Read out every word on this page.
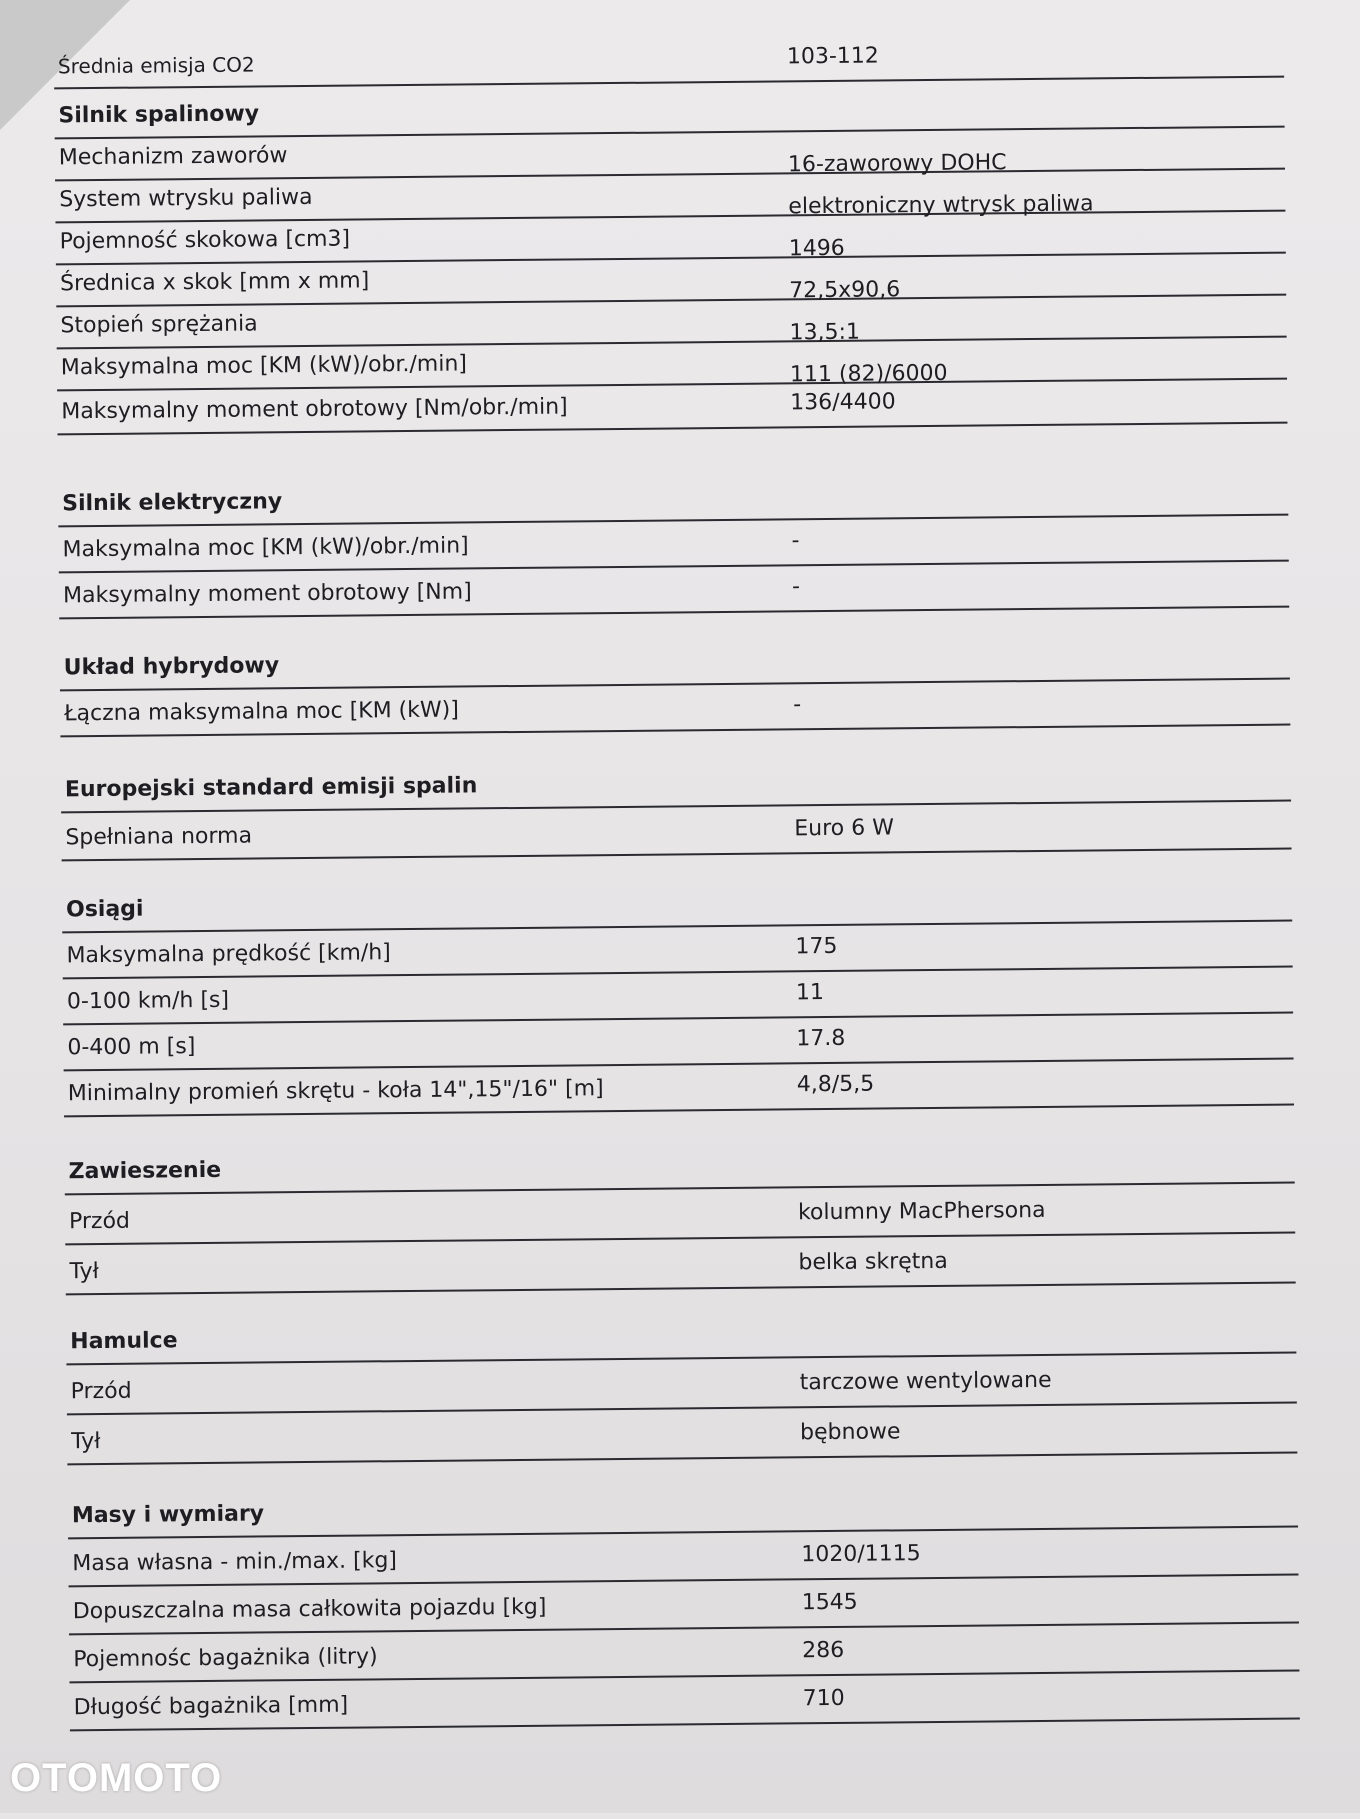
Średnia emisja CO2	103-112
Silnik spalinowy
Mechanizm zaworów	16-zaworowy DOHC
System wtrysku paliwa	elektroniczny wtrysk paliwa
Pojemność skokowa [cm3]	1496
Średnica x skok [mm x mm]	72,5x90,6
Stopień sprężania	13,5:1
Maksymalna moc [KM (kW)/obr./min]	111 (82)/6000
Maksymalny moment obrotowy [Nm/obr./min]	136/4400
Silnik elektryczny
Maksymalna moc [KM (kW)/obr./min]	-
Maksymalny moment obrotowy [Nm]	-
Układ hybrydowy
Łączna maksymalna moc [KM (kW)]	-
Europejski standard emisji spalin
Spełniana norma	Euro 6 W
Osiągi
Maksymalna prędkość [km/h]	175
0-100 km/h [s]	11
0-400 m [s]	17.8
Minimalny promień skrętu - koła 14",15"/16" [m]	4,8/5,5
Zawieszenie
Przód	kolumny MacPhersona
Tył	belka skrętna
Hamulce
Przód	tarczowe wentylowane
Tył	bębnowe
Masy i wymiary
Masa własna - min./max. [kg]	1020/1115
Dopuszczalna masa całkowita pojazdu [kg]	1545
Pojemnośc bagażnika (litry)	286
Długość bagażnika [mm]	710
OTOMOTO
